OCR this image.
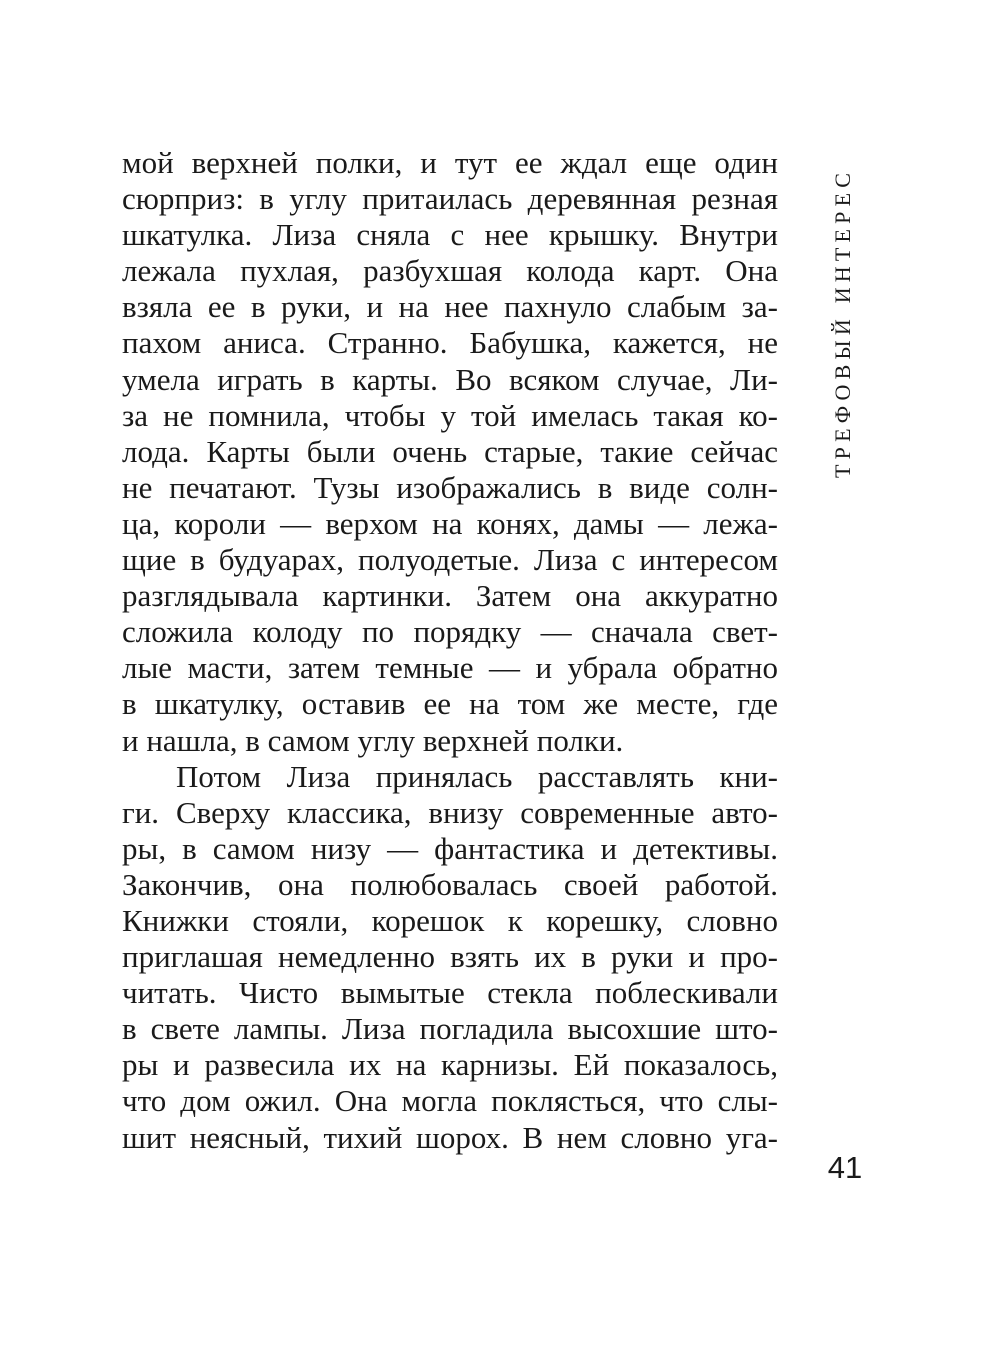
мой верхней полки, и тут ее ждал еще один
сюрприз: в углу притаилась деревянная резная
шкатулка. Лиза сняла с нее крышку. Внутри
лежала пухлая, разбухшая колода карт. Она
взяла ее в руки, и на нее пахнуло слабым за-
пахом аниса. Странно. Бабушка, кажется, не
умела играть в карты. Во всяком случае, Ли-
за не помнила, чтобы у той имелась такая ко-
лода. Карты были очень старые, такие сейчас
не печатают. Тузы изображались в виде солн-
ца, короли — верхом на конях, дамы — лежа-
щие в будуарах, полуодетые. Лиза с интересом
разглядывала картинки. Затем она аккуратно
сложила колоду по порядку — сначала свет-
лые масти, затем темные — и убрала обратно
в шкатулку, оставив ее на том же месте, где
и нашла, в самом углу верхней полки.
Потом Лиза принялась расставлять кни-
ги. Сверху классика, внизу современные авто-
ры, в самом низу — фантастика и детективы.
Закончив, она полюбовалась своей работой.
Книжки стояли, корешок к корешку, словно
приглашая немедленно взять их в руки и про-
читать. Чисто вымытые стекла поблескивали
в свете лампы. Лиза погладила высохшие што-
ры и развесила их на карнизы. Ей показалось,
что дом ожил. Она могла поклясться, что слы-
шит неясный, тихий шорох. В нем словно уга-
ТРЕФОВЫЙ ИНТЕРЕС
41
